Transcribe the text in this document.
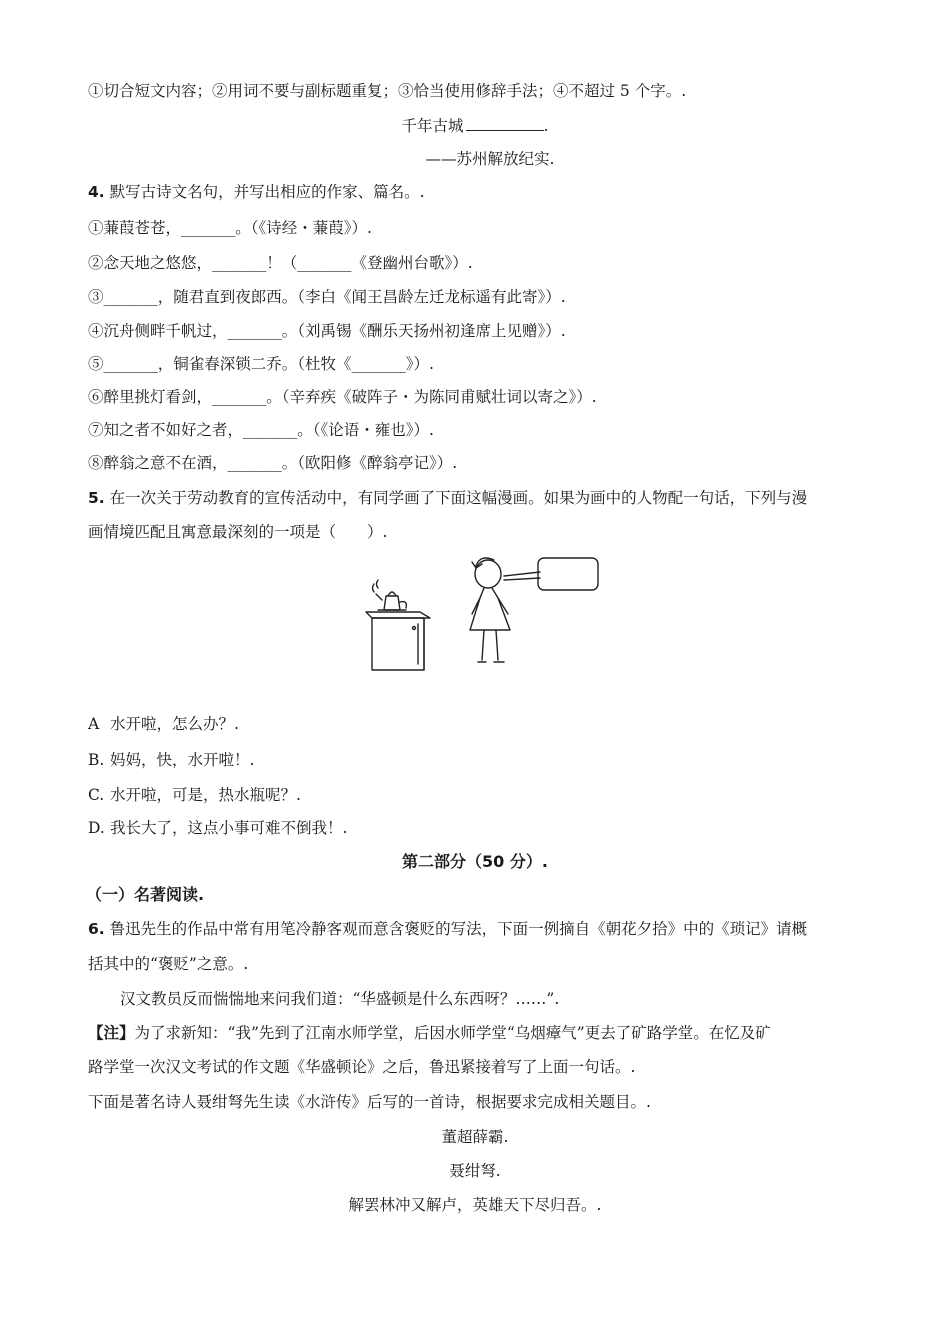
①切合短文内容；②用词不要与副标题重复；③恰当使用修辞手法；④不超过 5 个字。.
千年古城	.
——苏州解放纪实.
4. 默写古诗文名句，并写出相应的作家、篇名。.
①蒹葭苍苍，_______。（《诗经・蒹葭》）.
②念天地之悠悠，_______！（_______《登幽州台歌》）.
③_______，随君直到夜郎西。（李白《闻王昌龄左迁龙标遥有此寄》）.
④沉舟侧畔千帆过，_______。（刘禹锡《酬乐天扬州初逢席上见赠》）.
⑤_______，铜雀春深锁二乔。（杜牧《_______》）.
⑥醉里挑灯看剑，_______。（辛弃疾《破阵子・为陈同甫赋壮词以寄之》）.
⑦知之者不如好之者，_______。（《论语・雍也》）.
⑧醉翁之意不在酒，_______。（欧阳修《醉翁亭记》）.
5. 在一次关于劳动教育的宣传活动中，有同学画了下面这幅漫画。如果为画中的人物配一句话，下列与漫
画情境匹配且寓意最深刻的一项是（　　）.
A 水开啦，怎么办？.
B. 妈妈，快，水开啦！.
C. 水开啦，可是，热水瓶呢？.
D. 我长大了，这点小事可难不倒我！.
第二部分（50 分）.
（一）名著阅读.
6. 鲁迅先生的作品中常有用笔冷静客观而意含褒贬的写法，下面一例摘自《朝花夕拾》中的《琐记》请概
括其中的“褒贬”之意。.
汉文教员反而惴惴地来问我们道：“华盛顿是什么东西呀？……”.
【注】为了求新知：“我”先到了江南水师学堂，后因水师学堂“乌烟瘴气”更去了矿路学堂。在忆及矿
路学堂一次汉文考试的作文题《华盛顿论》之后，鲁迅紧接着写了上面一句话。.
下面是著名诗人聂绀弩先生读《水浒传》后写的一首诗，根据要求完成相关题目。.
董超薛霸.
聂绀弩.
解罢林冲又解卢，英雄天下尽归吾。.
